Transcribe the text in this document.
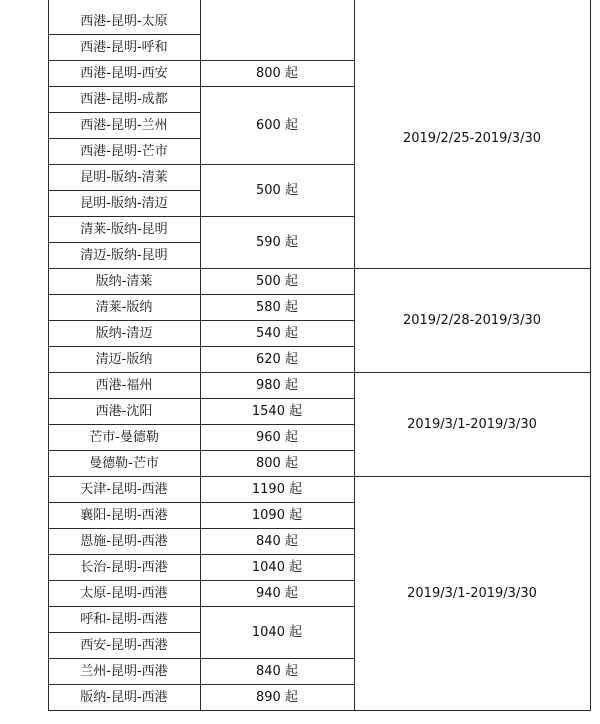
西港-昆明-太原
西港-昆明-呼和
西港-昆明-西安
西港-昆明-成都
西港-昆明-兰州
西港-昆明-芒市
昆明-版纳-清莱
昆明-版纳-清迈
清莱-版纳-昆明
清迈-版纳-昆明
版纳-清莱
清莱-版纳
版纳-清迈
清迈-版纳
西港-福州
西港-沈阳
芒市-曼德勒
曼德勒-芒市
天津-昆明-西港
襄阳-昆明-西港
恩施-昆明-西港
长治-昆明-西港
太原-昆明-西港
呼和-昆明-西港
西安-昆明-西港
兰州-昆明-西港
版纳-昆明-西港
800 起
600 起
500 起
590 起
500 起
580 起
540 起
620 起
980 起
1540 起
960 起
800 起
1190 起
1090 起
840 起
1040 起
940 起
1040 起
840 起
890 起
2019/2/25-2019/3/30
2019/2/28-2019/3/30
2019/3/1-2019/3/30
2019/3/1-2019/3/30
